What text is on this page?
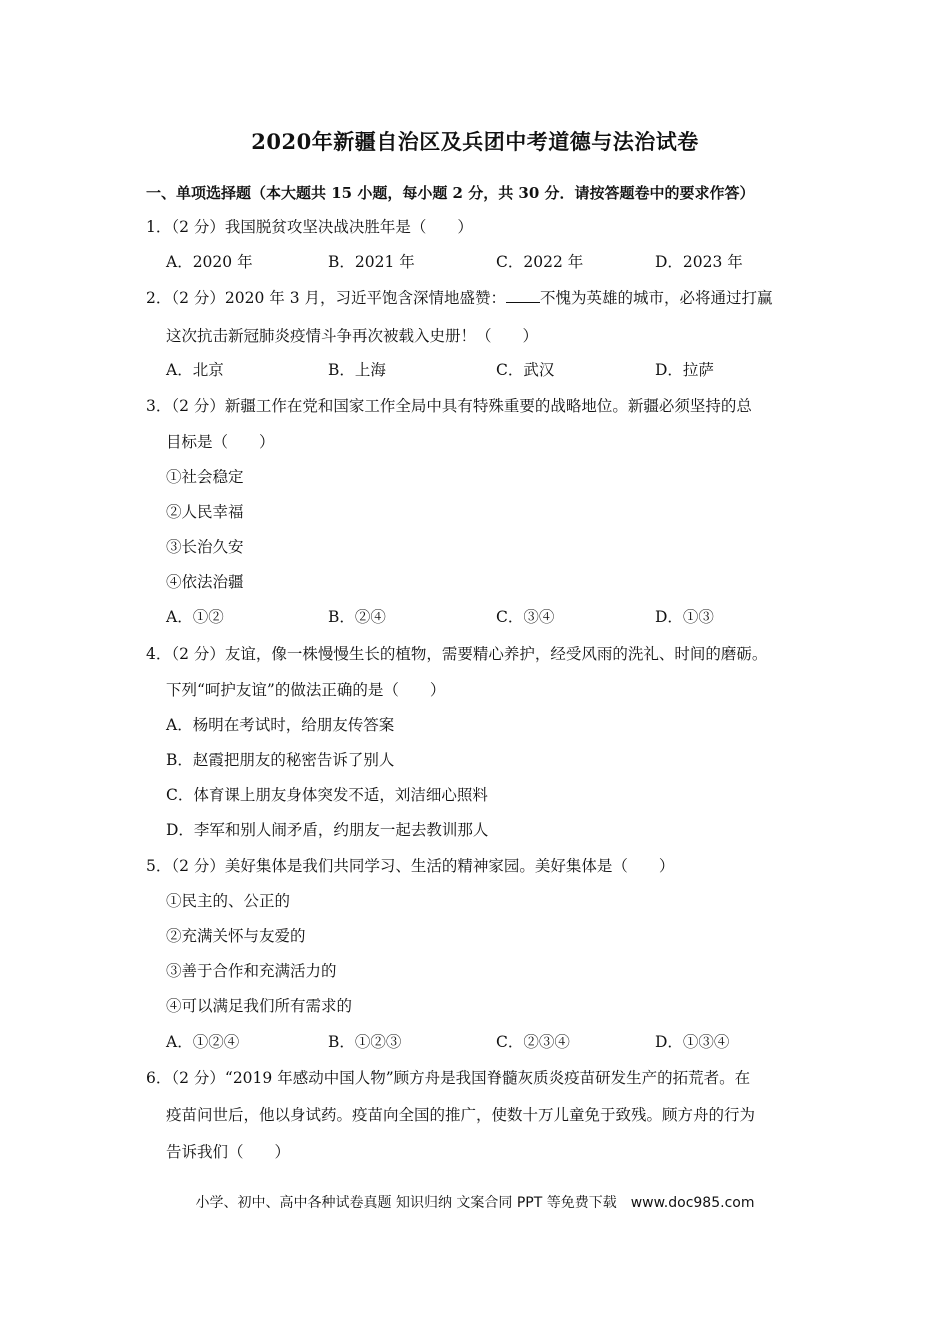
2020年新疆自治区及兵团中考道德与法治试卷
一、单项选择题（本大题共 15 小题，每小题 2 分，共 30 分．请按答题卷中的要求作答）
1．（2 分）我国脱贫攻坚决战决胜年是（　　）
A．2020 年	B．2021 年	C．2022 年	D．2023 年
2．（2 分）2020 年 3 月，习近平饱含深情地盛赞： 不愧为英雄的城市，必将通过打赢
这次抗击新冠肺炎疫情斗争再次被载入史册！（　　）
A．北京	B．上海	C．武汉	D．拉萨
3．（2 分）新疆工作在党和国家工作全局中具有特殊重要的战略地位。新疆必须坚持的总
目标是（　　）
①社会稳定
②人民幸福
③长治久安
④依法治疆
A．①②	B．②④	C．③④	D．①③
4．（2 分）友谊，像一株慢慢生长的植物，需要精心养护，经受风雨的洗礼、时间的磨砺。
下列“呵护友谊”的做法正确的是（　　）
A．杨明在考试时，给朋友传答案
B．赵霞把朋友的秘密告诉了别人
C．体育课上朋友身体突发不适，刘洁细心照料
D．李军和别人闹矛盾，约朋友一起去教训那人
5．（2 分）美好集体是我们共同学习、生活的精神家园。美好集体是（　　）
①民主的、公正的
②充满关怀与友爱的
③善于合作和充满活力的
④可以满足我们所有需求的
A．①②④	B．①②③	C．②③④	D．①③④
6．（2 分）“2019 年感动中国人物”顾方舟是我国脊髓灰质炎疫苗研发生产的拓荒者。在
疫苗问世后，他以身试药。疫苗向全国的推广，使数十万儿童免于致残。顾方舟的行为
告诉我们（　　）
小学、初中、高中各种试卷真题 知识归纳 文案合同 PPT 等免费下载　www.doc985.com
